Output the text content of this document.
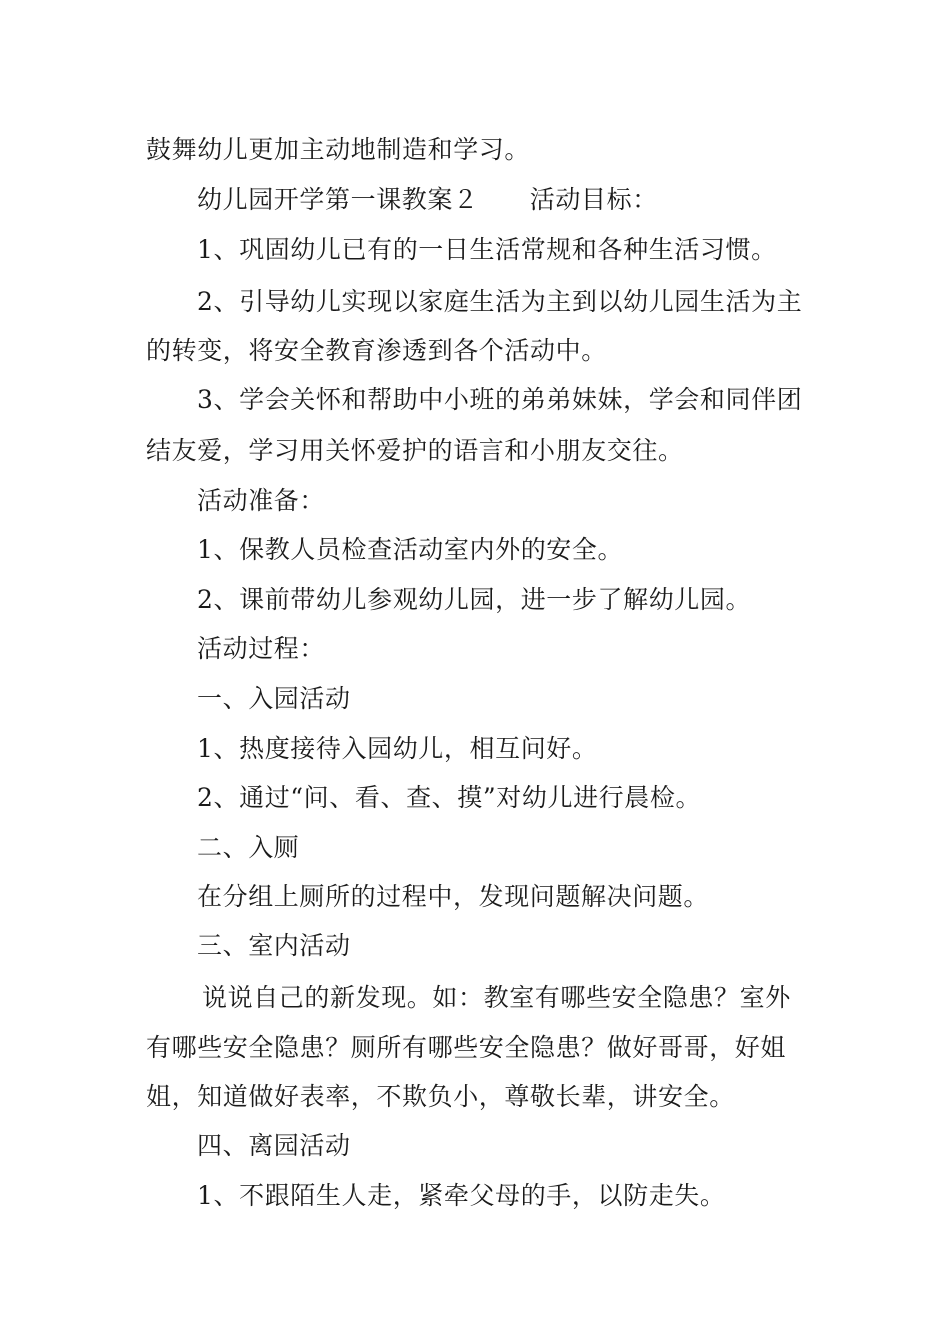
鼓舞幼儿更加主动地制造和学习。
幼儿园开学第一课教案２　　活动目标：
1、巩固幼儿已有的一日生活常规和各种生活习惯。
2、引导幼儿实现以家庭生活为主到以幼儿园生活为主
的转变，将安全教育渗透到各个活动中。
3、学会关怀和帮助中小班的弟弟妹妹，学会和同伴团
结友爱，学习用关怀爱护的语言和小朋友交往。
活动准备：
1、保教人员检查活动室内外的安全。
2、课前带幼儿参观幼儿园，进一步了解幼儿园。
活动过程：
一、入园活动
1、热度接待入园幼儿，相互问好。
2、通过“问、看、查、摸”对幼儿进行晨检。
二、入厕
在分组上厕所的过程中，发现问题解决问题。
三、室内活动
说说自己的新发现。如：教室有哪些安全隐患？室外
有哪些安全隐患？厕所有哪些安全隐患？做好哥哥，好姐
姐，知道做好表率，不欺负小，尊敬长辈，讲安全。
四、离园活动
1、不跟陌生人走，紧牵父母的手，以防走失。
